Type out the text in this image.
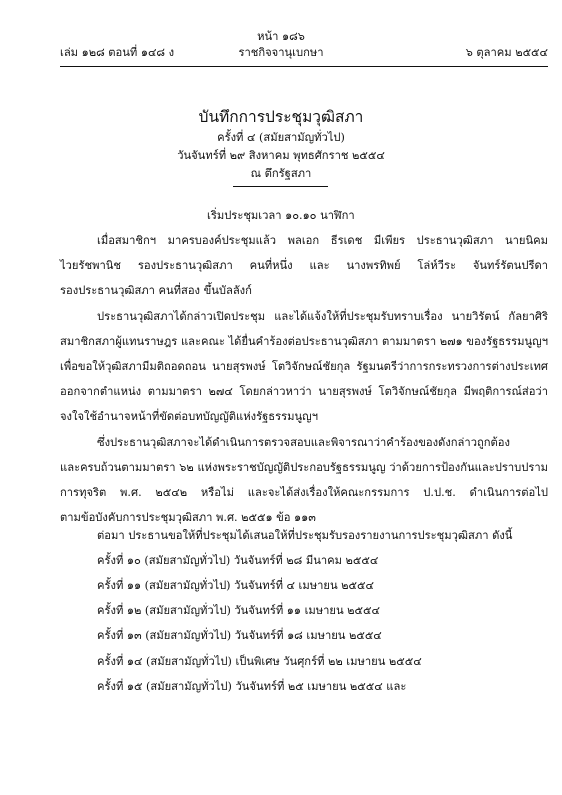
หน้า ๑๘๖
เล่ม ๑๒๘ ตอนที่ ๑๔๘ ง	ราชกิจจานุเบกษา	๖ ตุลาคม ๒๕๕๔
บันทึกการประชุมวุฒิสภา
ครั้งที่ ๔ (สมัยสามัญทั่วไป)
วันจันทร์ที่ ๒๙ สิงหาคม พุทธศักราช ๒๕๕๔
ณ ตึกรัฐสภา
เริ่มประชุมเวลา ๑๐.๑๐ นาฬิกา
เมื่อสมาชิกฯ มาครบองค์ประชุมแล้ว พลเอก ธีรเดช มีเพียร ประธานวุฒิสภา นายนิคม
ไวยรัชพานิช รองประธานวุฒิสภา คนที่หนึ่ง และ นางพรทิพย์ โล่ห์วีระ จันทร์รัตนปรีดา
รองประธานวุฒิสภา คนที่สอง ขึ้นบัลลังก์
ประธานวุฒิสภาได้กล่าวเปิดประชุม และได้แจ้งให้ที่ประชุมรับทราบเรื่อง นายวิรัตน์ กัลยาศิริ
สมาชิกสภาผู้แทนราษฎร และคณะ ได้ยื่นคำร้องต่อประธานวุฒิสภา ตามมาตรา ๒๗๑ ของรัฐธรรมนูญฯ
เพื่อขอให้วุฒิสภามีมติถอดถอน นายสุรพงษ์ โตวิจักษณ์ชัยกุล รัฐมนตรีว่าการกระทรวงการต่างประเทศ
ออกจากตำแหน่ง ตามมาตรา ๒๗๔ โดยกล่าวหาว่า นายสุรพงษ์ โตวิจักษณ์ชัยกุล มีพฤติการณ์ส่อว่า
จงใจใช้อำนาจหน้าที่ขัดต่อบทบัญญัติแห่งรัฐธรรมนูญฯ
ซึ่งประธานวุฒิสภาจะได้ดำเนินการตรวจสอบและพิจารณาว่าคำร้องของดังกล่าวถูกต้อง
และครบถ้วนตามมาตรา ๖๒ แห่งพระราชบัญญัติประกอบรัฐธรรมนูญ ว่าด้วยการป้องกันและปราบปราม
การทุจริต พ.ศ. ๒๕๔๒ หรือไม่ และจะได้ส่งเรื่องให้คณะกรรมการ ป.ป.ช. ดำเนินการต่อไป
ตามข้อบังคับการประชุมวุฒิสภา พ.ศ. ๒๕๕๑ ข้อ ๑๑๓
ต่อมา ประธานขอให้ที่ประชุมได้เสนอให้ที่ประชุมรับรองรายงานการประชุมวุฒิสภา ดังนี้
ครั้งที่ ๑๐ (สมัยสามัญทั่วไป) วันจันทร์ที่ ๒๘ มีนาคม ๒๕๕๔
ครั้งที่ ๑๑ (สมัยสามัญทั่วไป) วันจันทร์ที่ ๔ เมษายน ๒๕๕๔
ครั้งที่ ๑๒ (สมัยสามัญทั่วไป) วันจันทร์ที่ ๑๑ เมษายน ๒๕๕๔
ครั้งที่ ๑๓ (สมัยสามัญทั่วไป) วันจันทร์ที่ ๑๘ เมษายน ๒๕๕๔
ครั้งที่ ๑๔ (สมัยสามัญทั่วไป) เป็นพิเศษ วันศุกร์ที่ ๒๒ เมษายน ๒๕๕๔
ครั้งที่ ๑๕ (สมัยสามัญทั่วไป) วันจันทร์ที่ ๒๕ เมษายน ๒๕๕๔ และ
